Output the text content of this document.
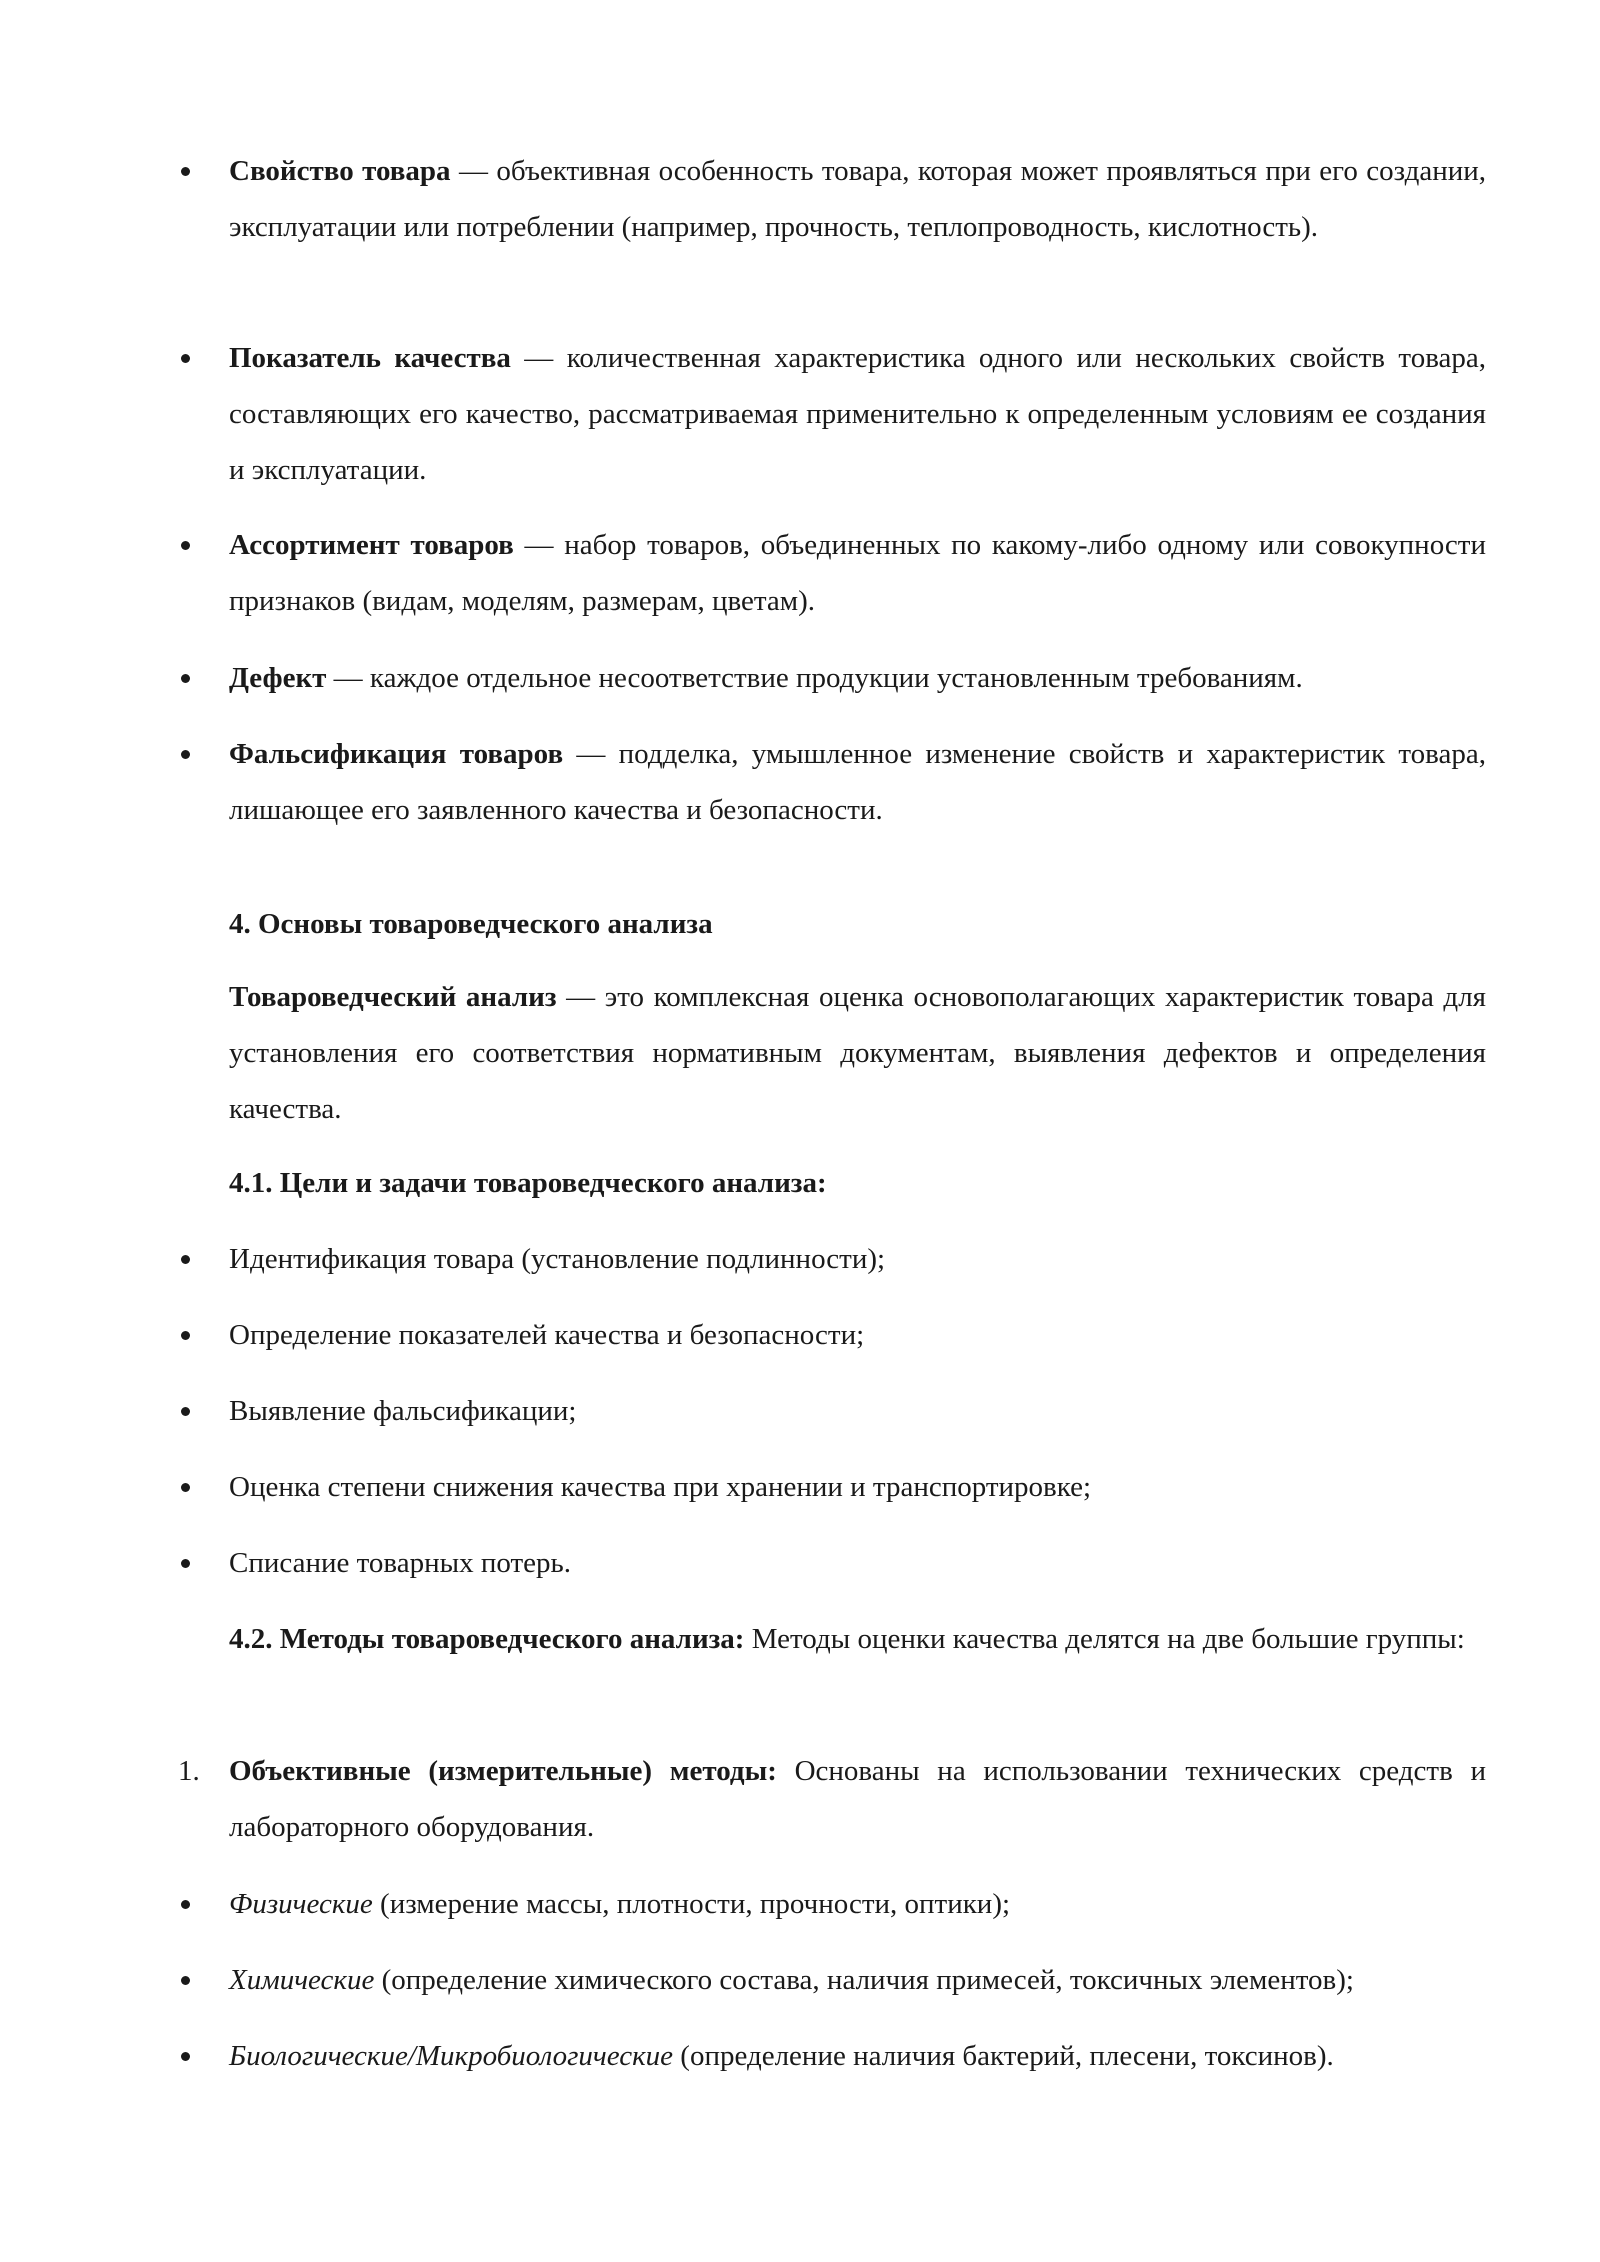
Свойство товара — объективная особенность товара, которая может проявляться при его создании, эксплуатации или потреблении (например, прочность, теплопроводность, кислотность).
Показатель качества — количественная характеристика одного или нескольких свойств товара, составляющих его качество, рассматриваемая применительно к определенным условиям ее создания и эксплуатации.
Ассортимент товаров — набор товаров, объединенных по какому-либо одному или совокупности признаков (видам, моделям, размерам, цветам).
Дефект — каждое отдельное несоответствие продукции установленным требованиям.
Фальсификация товаров — подделка, умышленное изменение свойств и характеристик товара, лишающее его заявленного качества и безопасности.
4. Основы товароведческого анализа
Товароведческий анализ — это комплексная оценка основополагающих характеристик товара для установления его соответствия нормативным документам, выявления дефектов и определения качества.
4.1. Цели и задачи товароведческого анализа:
Идентификация товара (установление подлинности);
Определение показателей качества и безопасности;
Выявление фальсификации;
Оценка степени снижения качества при хранении и транспортировке;
Списание товарных потерь.
4.2. Методы товароведческого анализа: Методы оценки качества делятся на две большие группы:
1.	Объективные (измерительные) методы: Основаны на использовании технических средств и лабораторного оборудования.
Физические (измерение массы, плотности, прочности, оптики);
Химические (определение химического состава, наличия примесей, токсичных элементов);
Биологические/Микробиологические (определение наличия бактерий, плесени, токсинов).
